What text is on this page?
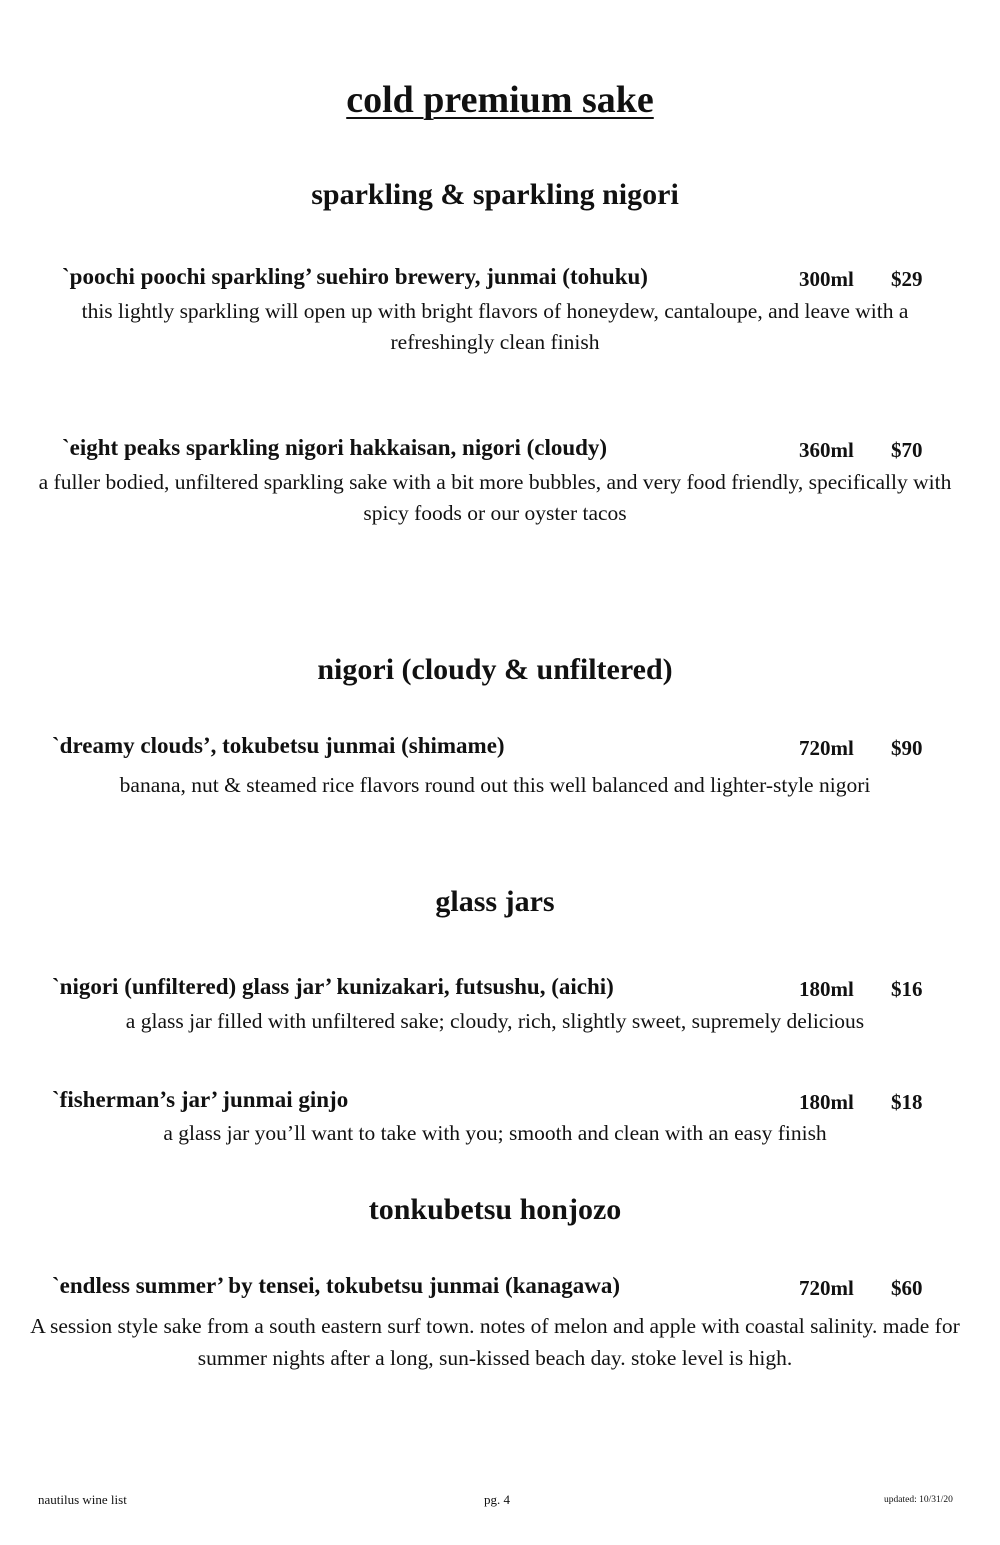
cold premium sake
sparkling & sparkling nigori
`poochi poochi sparkling’ suehiro brewery, junmai (tohuku)	300ml $29
this lightly sparkling will open up with bright flavors of honeydew, cantaloupe, and leave with a refreshingly clean finish
`eight peaks sparkling nigori hakkaisan, nigori (cloudy)	360ml $70
a fuller bodied, unfiltered sparkling sake with a bit more bubbles, and very food friendly, specifically with spicy foods or our oyster tacos
nigori (cloudy & unfiltered)
`dreamy clouds’, tokubetsu junmai (shimame)	720ml $90
banana, nut & steamed rice flavors round out this well balanced and lighter-style nigori
glass jars
`nigori (unfiltered) glass jar’ kunizakari, futsushu, (aichi)	180ml $16
a glass jar filled with unfiltered sake; cloudy, rich, slightly sweet, supremely delicious
`fisherman’s jar’ junmai ginjo	180ml $18
a glass jar you’ll want to take with you; smooth and clean with an easy finish
tonkubetsu honjozo
`endless summer’ by tensei, tokubetsu junmai (kanagawa)	720ml $60
A session style sake from a south eastern surf town. notes of melon and apple with coastal salinity. made for summer nights after a long, sun-kissed beach day. stoke level is high.
nautilus wine list	pg. 4	updated: 10/31/20
